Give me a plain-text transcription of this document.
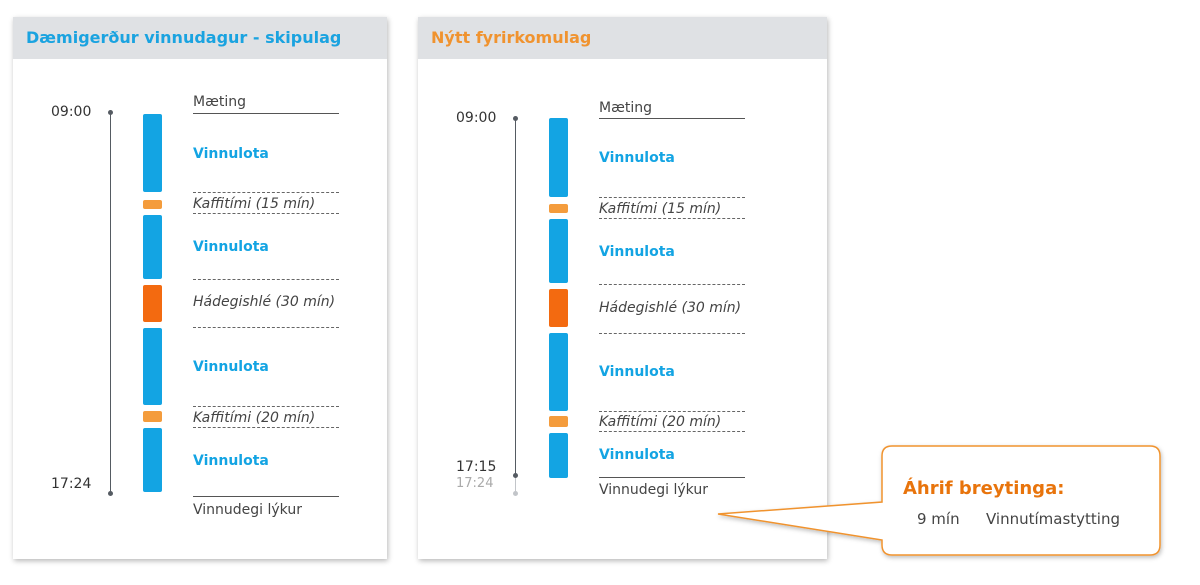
Dæmigerður vinnudagur - skipulag
09:00
17:24
Mæting
Vinnulota
Kaffitími (15 mín)
Vinnulota
Hádegishlé (30 mín)
Vinnulota
Kaffitími (20 mín)
Vinnulota
Vinnudegi lýkur
Nýtt fyrirkomulag
09:00
17:15
17:24
Mæting
Vinnulota
Kaffitími (15 mín)
Vinnulota
Hádegishlé (30 mín)
Vinnulota
Kaffitími (20 mín)
Vinnulota
Vinnudegi lýkur	Áhrif breytinga:
9 mín Vinnutímastytting
